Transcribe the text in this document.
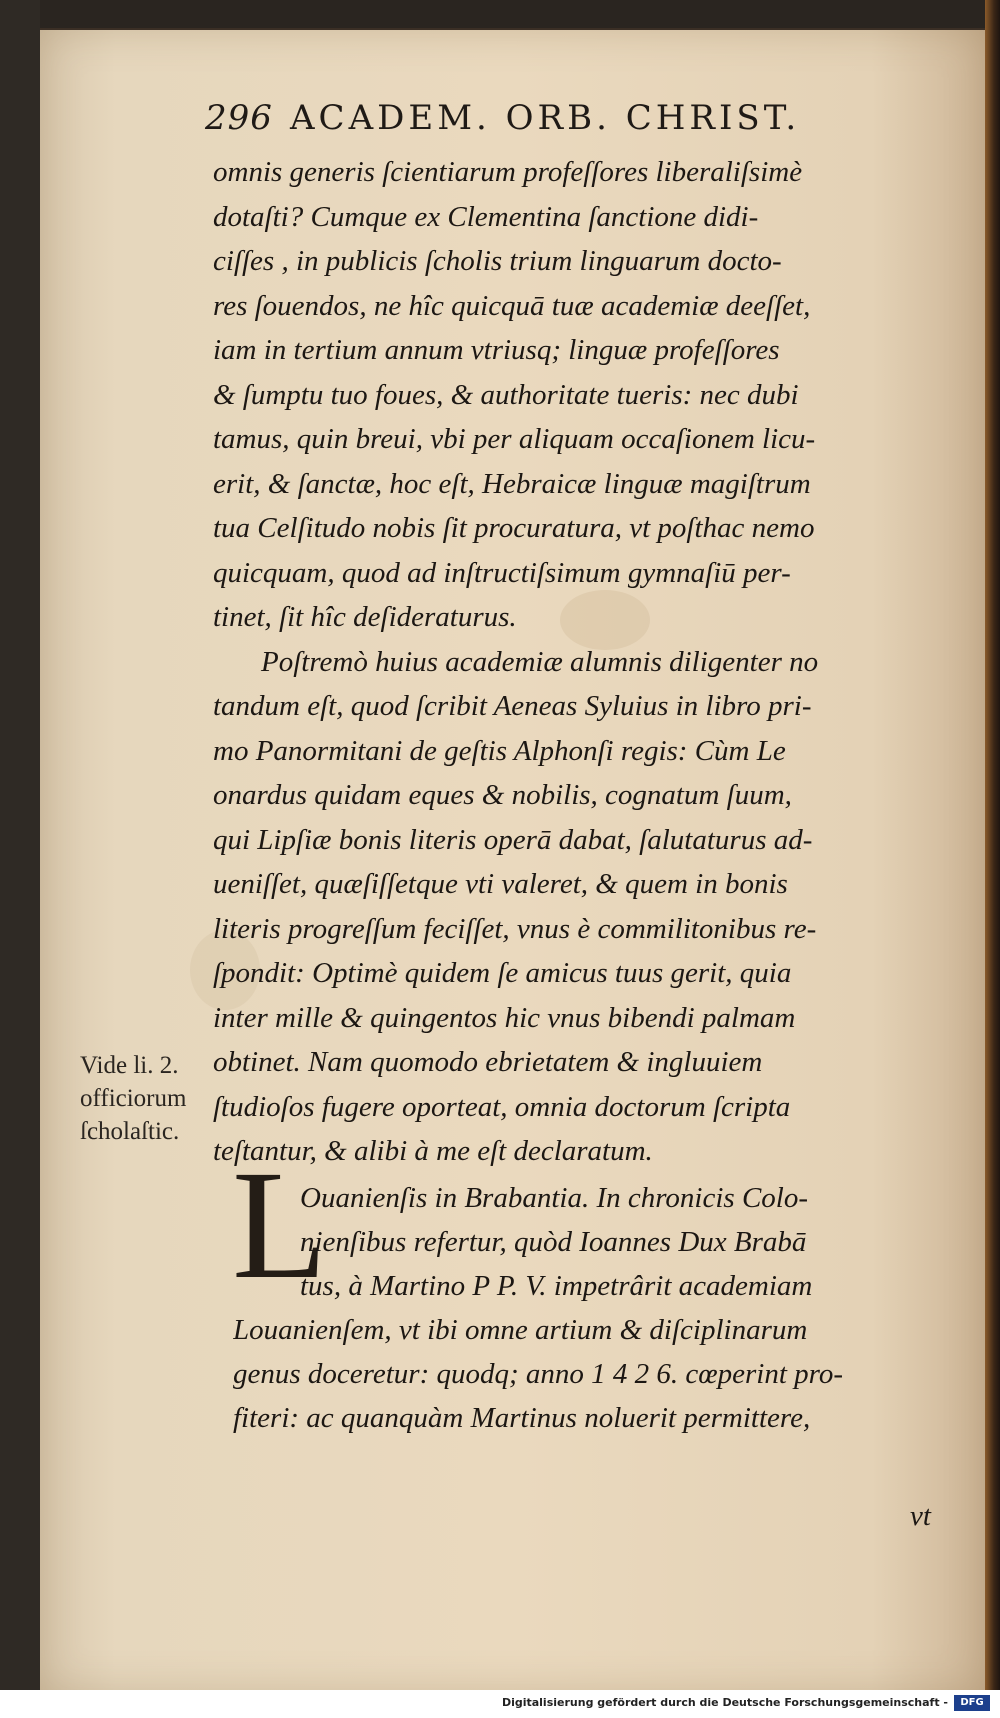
296 ACADEM. ORB. CHRIST.
omnis generis ſcientiarum profeſſores liberaliſsimè
dotaſti? Cumque ex Clementina ſanctione didi-
ciſſes , in publicis ſcholis trium linguarum docto-
res ſouendos, ne hîc quicquā tuæ academiæ deeſſet,
iam in tertium annum vtriusq; linguæ profeſſores
& ſumptu tuo foues, & authoritate tueris: nec dubi
tamus, quin breui, vbi per aliquam occaſionem licu-
erit, & ſanctæ, hoc eſt, Hebraicæ linguæ magiſtrum
tua Celſitudo nobis ſit procuratura, vt poſthac nemo
quicquam, quod ad inſtructiſsimum gymnaſiū per-
tinet, ſit hîc deſideraturus.
Poſtremò huius academiæ alumnis diligenter no
tandum eſt, quod ſcribit Aeneas Syluius in libro pri-
mo Panormitani de geſtis Alphonſi regis: Cùm Le
onardus quidam eques & nobilis, cognatum ſuum,
qui Lipſiæ bonis literis operā dabat, ſalutaturus ad-
ueniſſet, quæſiſſetque vti valeret, & quem in bonis
literis progreſſum feciſſet, vnus è commilitonibus re-
ſpondit: Optimè quidem ſe amicus tuus gerit, quia
inter mille & quingentos hic vnus bibendi palmam
obtinet. Nam quomodo ebrietatem & ingluuiem
ſtudioſos fugere oporteat, omnia doctorum ſcripta
teſtantur, & alibi à me eſt declaratum.
Vide li. 2.
officiorum
ſcholaſtic.
L
Ouanienſis in Brabantia. In chronicis Colo-
nienſibus refertur, quòd Ioannes Dux Brabā
tus, à Martino P P. V. impetrârit academiam
Louanienſem, vt ibi omne artium & diſciplinarum
genus doceretur: quodq; anno 1 4 2 6. cœperint pro-
fiteri: ac quanquàm Martinus noluerit permittere,
vt
Digitalisierung gefördert durch die Deutsche Forschungsgemeinschaft -	DFG
